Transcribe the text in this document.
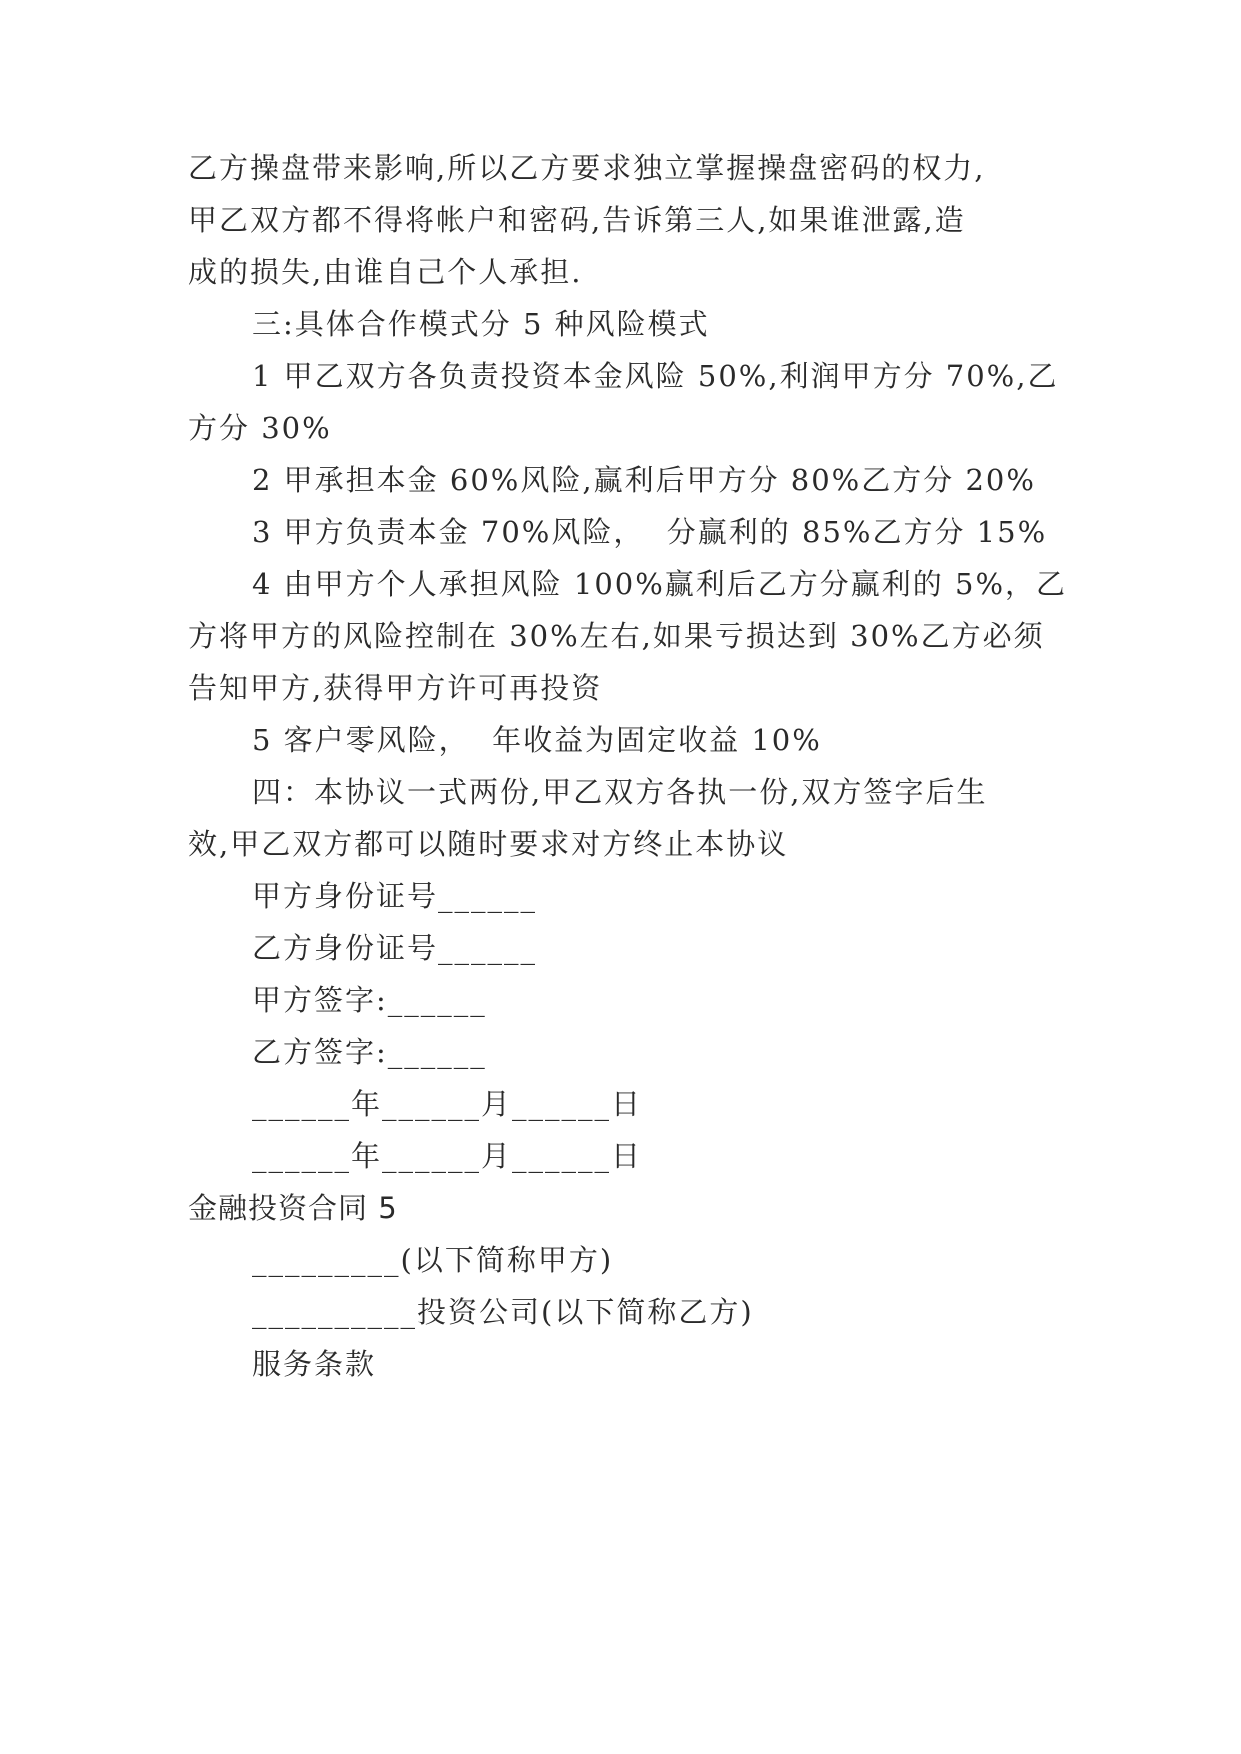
乙方操盘带来影响,所以乙方要求独立掌握操盘密码的权力,
甲乙双方都不得将帐户和密码,告诉第三人,如果谁泄露,造
成的损失,由谁自己个人承担.
三:具体合作模式分 5 种风险模式
1 甲乙双方各负责投资本金风险 50%,利润甲方分 70%,乙
方分 30%
2 甲承担本金 60%风险,赢利后甲方分 80%乙方分 20%
3 甲方负责本金 70%风险，  分赢利的 85%乙方分 15%
4 由甲方个人承担风险 100%赢利后乙方分赢利的 5%，乙
方将甲方的风险控制在 30%左右,如果亏损达到 30%乙方必须
告知甲方,获得甲方许可再投资
5 客户零风险，  年收益为固定收益 10%
四：本协议一式两份,甲乙双方各执一份,双方签字后生
效,甲乙双方都可以随时要求对方终止本协议
甲方身份证号______
乙方身份证号______
甲方签字:______
乙方签字:______
______年______月______日
______年______月______日
金融投资合同 5
_________(以下简称甲方)
__________投资公司(以下简称乙方)
服务条款
